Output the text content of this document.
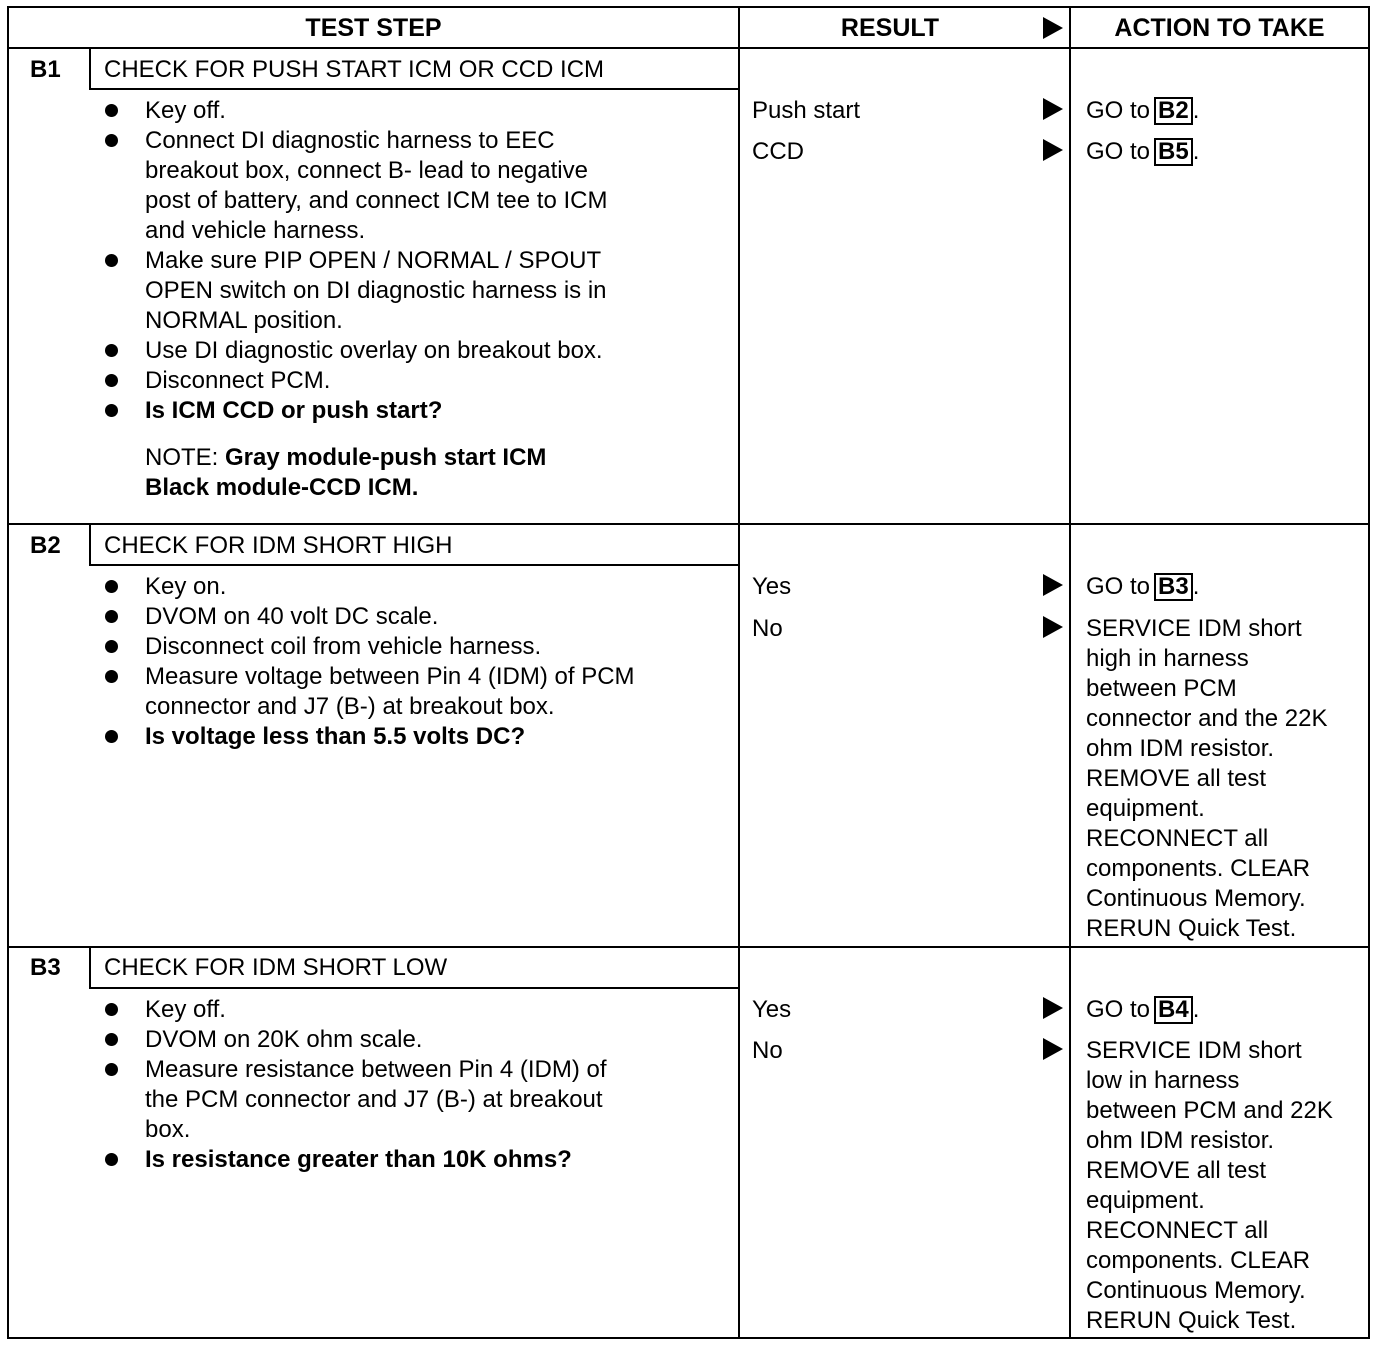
TEST STEP	RESULT	ACTION TO TAKE
B1 CHECK FOR PUSH START ICM OR CCD ICM
Key off.
Connect DI diagnostic harness to EEC
breakout box, connect B- lead to negative
post of battery, and connect ICM tee to ICM
and vehicle harness.
Make sure PIP OPEN / NORMAL / SPOUT
OPEN switch on DI diagnostic harness is in
NORMAL position.
Use DI diagnostic overlay on breakout box.
Disconnect PCM.
Is ICM CCD or push start?
NOTE: Gray module-push start ICM
Black module-CCD ICM.
Push start	GO to B2 .
CCD	GO to B5 .
B2 CHECK FOR IDM SHORT HIGH
Key on.
DVOM on 40 volt DC scale.
Disconnect coil from vehicle harness.
Measure voltage between Pin 4 (IDM) of PCM
connector and J7 (B-) at breakout box.
Is voltage less than 5.5 volts DC?
Yes	GO to B3 .
No	SERVICE IDM short
high in harness
between PCM
connector and the 22K
ohm IDM resistor.
REMOVE all test
equipment.
RECONNECT all
components. CLEAR
Continuous Memory.
RERUN Quick Test.
B3 CHECK FOR IDM SHORT LOW
Key off.
DVOM on 20K ohm scale.
Measure resistance between Pin 4 (IDM) of
the PCM connector and J7 (B-) at breakout
box.
Is resistance greater than 10K ohms?
Yes	GO to B4 .
No	SERVICE IDM short
low in harness
between PCM and 22K
ohm IDM resistor.
REMOVE all test
equipment.
RECONNECT all
components. CLEAR
Continuous Memory.
RERUN Quick Test.
